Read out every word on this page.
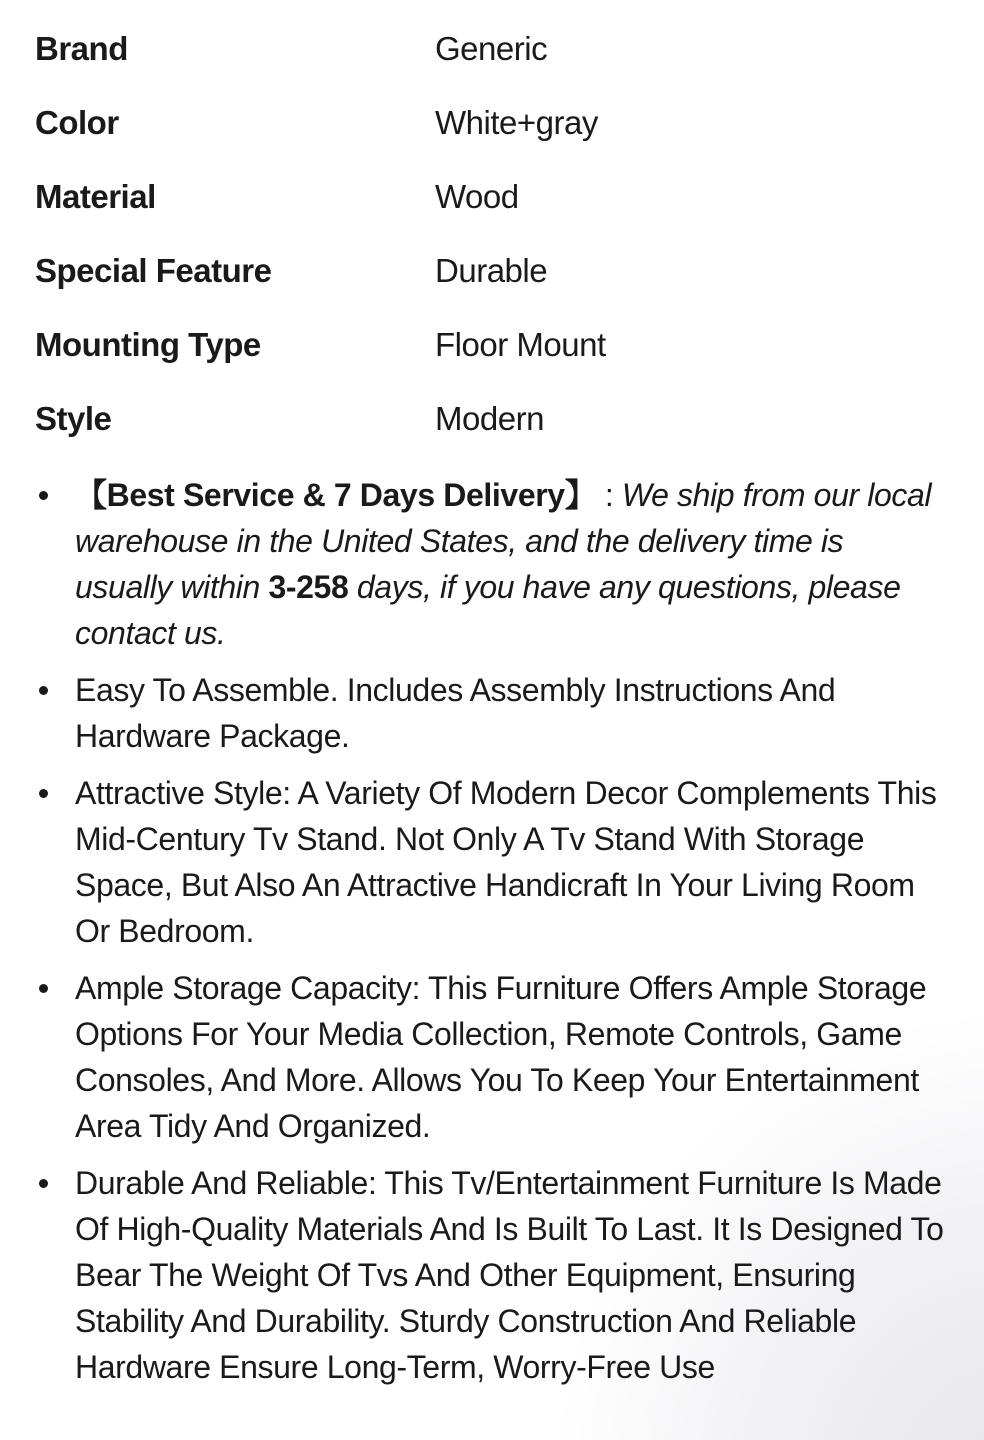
Brand	Generic
Color	White+gray
Material	Wood
Special Feature	Durable
Mounting Type	Floor Mount
Style	Modern
【Best Service & 7 Days Delivery】 : We ship from our local warehouse in the United States, and the delivery time is usually within 3-258 days, if you have any questions, please contact us.
Easy To Assemble. Includes Assembly Instructions And Hardware Package.
Attractive Style: A Variety Of Modern Decor Complements This Mid-Century Tv Stand. Not Only A Tv Stand With Storage Space, But Also An Attractive Handicraft In Your Living Room Or Bedroom.
Ample Storage Capacity: This Furniture Offers Ample Storage Options For Your Media Collection, Remote Controls, Game Consoles, And More. Allows You To Keep Your Entertainment Area Tidy And Organized.
Durable And Reliable: This Tv/Entertainment Furniture Is Made Of High-Quality Materials And Is Built To Last. It Is Designed To Bear The Weight Of Tvs And Other Equipment, Ensuring Stability And Durability. Sturdy Construction And Reliable Hardware Ensure Long-Term, Worry-Free Use
